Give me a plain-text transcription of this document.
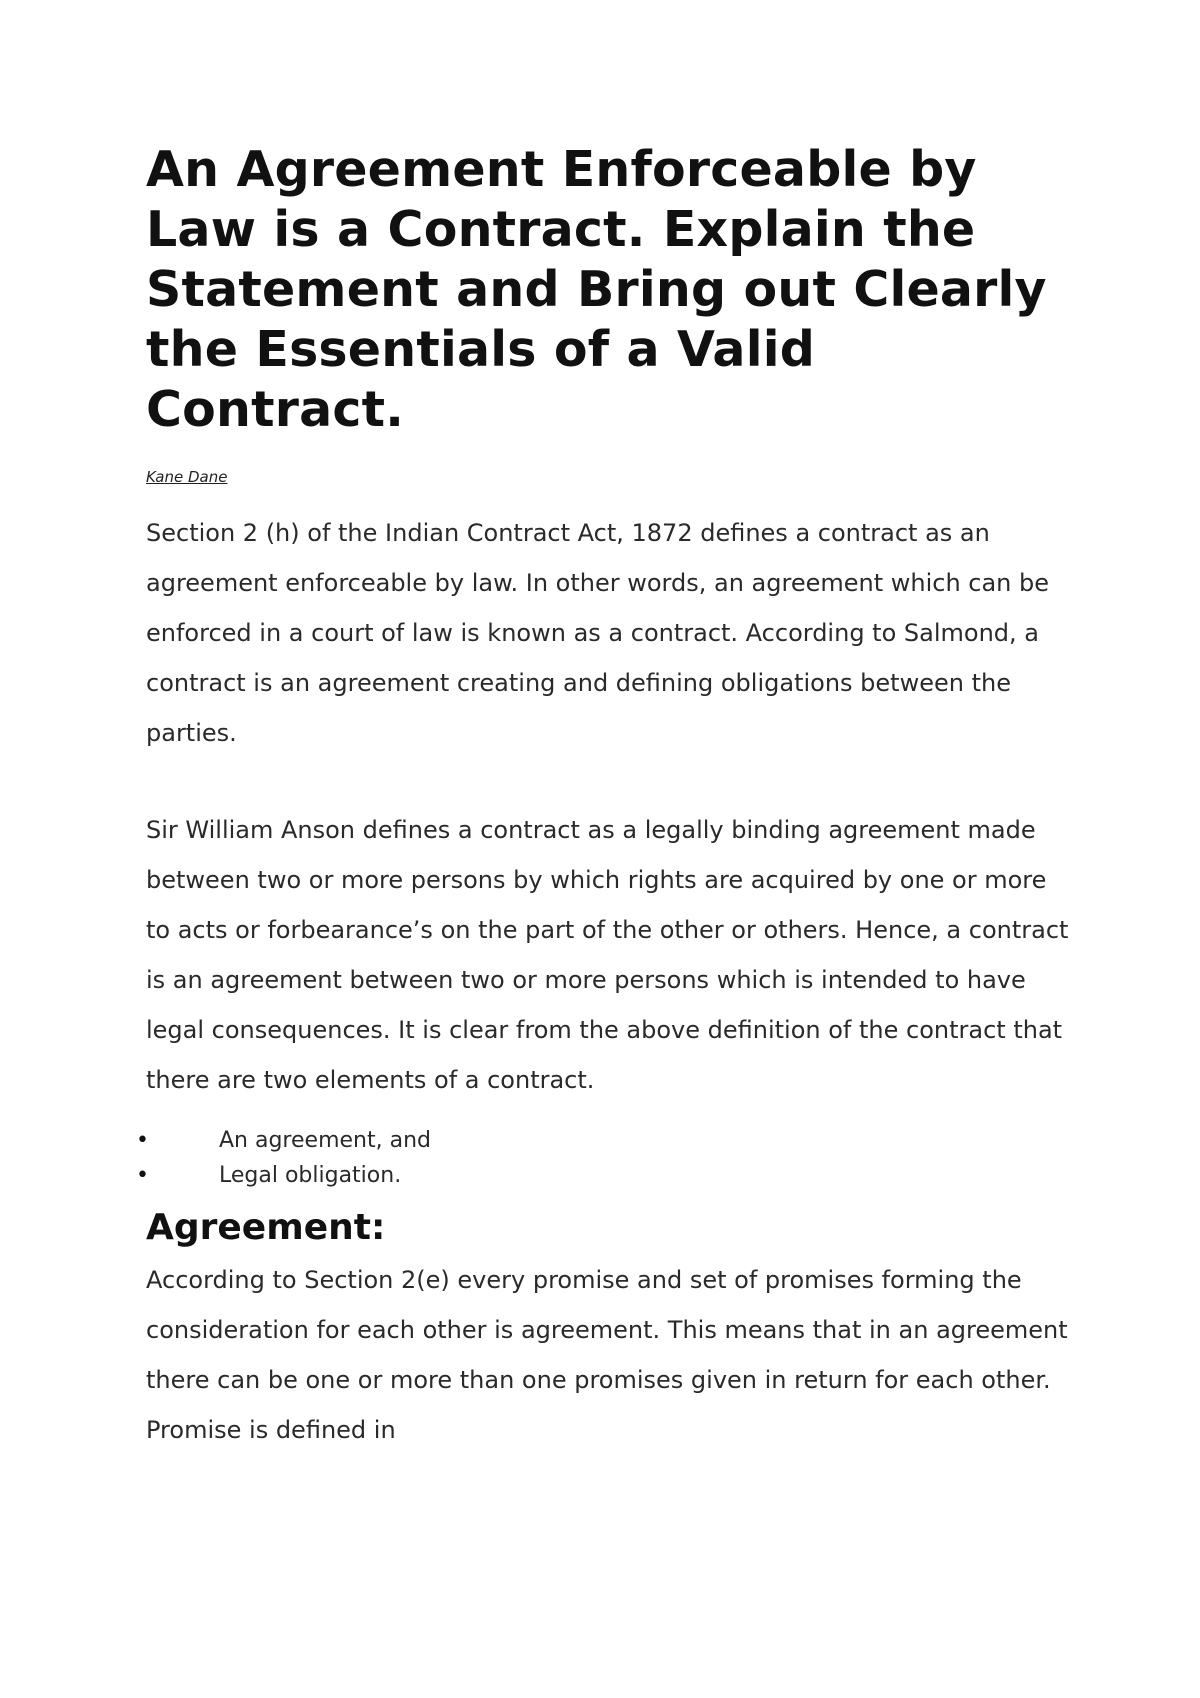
An Agreement Enforceable by Law is a Contract. Explain the Statement and Bring out Clearly the Essentials of a Valid Contract.
Kane Dane

Section 2 (h) of the Indian Contract Act, 1872 defines a contract as an agreement enforceable by law. In other words, an agreement which can be enforced in a court of law is known as a contract. According to Salmond, a contract is an agreement creating and defining obligations between the parties.

Sir William Anson defines a contract as a legally binding agreement made between two or more persons by which rights are acquired by one or more to acts or forbearance’s on the part of the other or others. Hence, a contract is an agreement between two or more persons which is intended to have legal consequences. It is clear from the above definition of the contract that there are two elements of a contract.

•	An agreement, and
•	Legal obligation.
Agreement:

According to Section 2(e) every promise and set of promises forming the consideration for each other is agreement. This means that in an agreement there can be one or more than one promises given in return for each other. Promise is defined in
